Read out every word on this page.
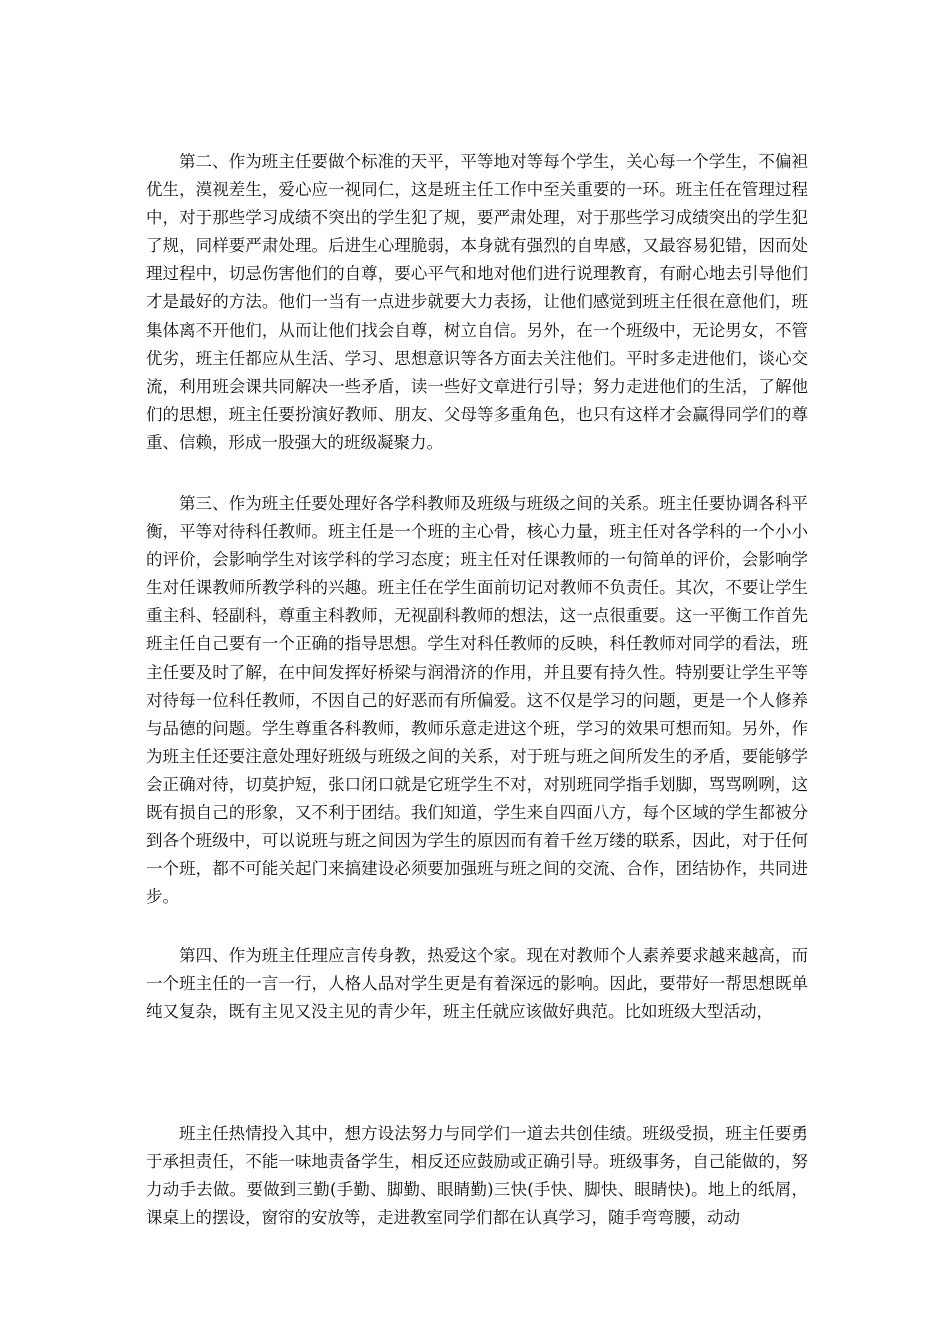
第二、作为班主任要做个标准的天平，平等地对等每个学生，关心每一个学生，不偏袒优生，漠视差生，爱心应一视同仁，这是班主任工作中至关重要的一环。班主任在管理过程中，对于那些学习成绩不突出的学生犯了规，要严肃处理，对于那些学习成绩突出的学生犯了规，同样要严肃处理。后进生心理脆弱，本身就有强烈的自卑感，又最容易犯错，因而处理过程中，切忌伤害他们的自尊，要心平气和地对他们进行说理教育，有耐心地去引导他们才是最好的方法。他们一当有一点进步就要大力表扬，让他们感觉到班主任很在意他们，班集体离不开他们，从而让他们找会自尊，树立自信。另外，在一个班级中，无论男女，不管优劣，班主任都应从生活、学习、思想意识等各方面去关注他们。平时多走进他们，谈心交流，利用班会课共同解决一些矛盾，读一些好文章进行引导；努力走进他们的生活，了解他们的思想，班主任要扮演好教师、朋友、父母等多重角色，也只有这样才会赢得同学们的尊重、信赖，形成一股强大的班级凝聚力。

第三、作为班主任要处理好各学科教师及班级与班级之间的关系。班主任要协调各科平衡，平等对待科任教师。班主任是一个班的主心骨，核心力量，班主任对各学科的一个小小的评价，会影响学生对该学科的学习态度；班主任对任课教师的一句简单的评价，会影响学生对任课教师所教学科的兴趣。班主任在学生面前切记对教师不负责任。其次，不要让学生重主科、轻副科，尊重主科教师，无视副科教师的想法，这一点很重要。这一平衡工作首先班主任自己要有一个正确的指导思想。学生对科任教师的反映，科任教师对同学的看法，班主任要及时了解，在中间发挥好桥梁与润滑济的作用，并且要有持久性。特别要让学生平等对待每一位科任教师，不因自己的好恶而有所偏爱。这不仅是学习的问题，更是一个人修养与品德的问题。学生尊重各科教师，教师乐意走进这个班，学习的效果可想而知。另外，作为班主任还要注意处理好班级与班级之间的关系，对于班与班之间所发生的矛盾，要能够学会正确对待，切莫护短，张口闭口就是它班学生不对，对别班同学指手划脚，骂骂咧咧，这既有损自己的形象，又不利于团结。我们知道，学生来自四面八方，每个区域的学生都被分到各个班级中，可以说班与班之间因为学生的原因而有着千丝万缕的联系，因此，对于任何一个班，都不可能关起门来搞建设必须要加强班与班之间的交流、合作，团结协作，共同进步。

第四、作为班主任理应言传身教，热爱这个家。现在对教师个人素养要求越来越高，而一个班主任的一言一行，人格人品对学生更是有着深远的影响。因此，要带好一帮思想既单纯又复杂，既有主见又没主见的青少年，班主任就应该做好典范。比如班级大型活动，

班主任热情投入其中，想方设法努力与同学们一道去共创佳绩。班级受损，班主任要勇于承担责任，不能一味地责备学生，相反还应鼓励或正确引导。班级事务，自己能做的，努力动手去做。要做到三勤(手勤、脚勤、眼睛勤)三快(手快、脚快、眼睛快)。地上的纸屑，课桌上的摆设，窗帘的安放等，走进教室同学们都在认真学习，随手弯弯腰，动动
